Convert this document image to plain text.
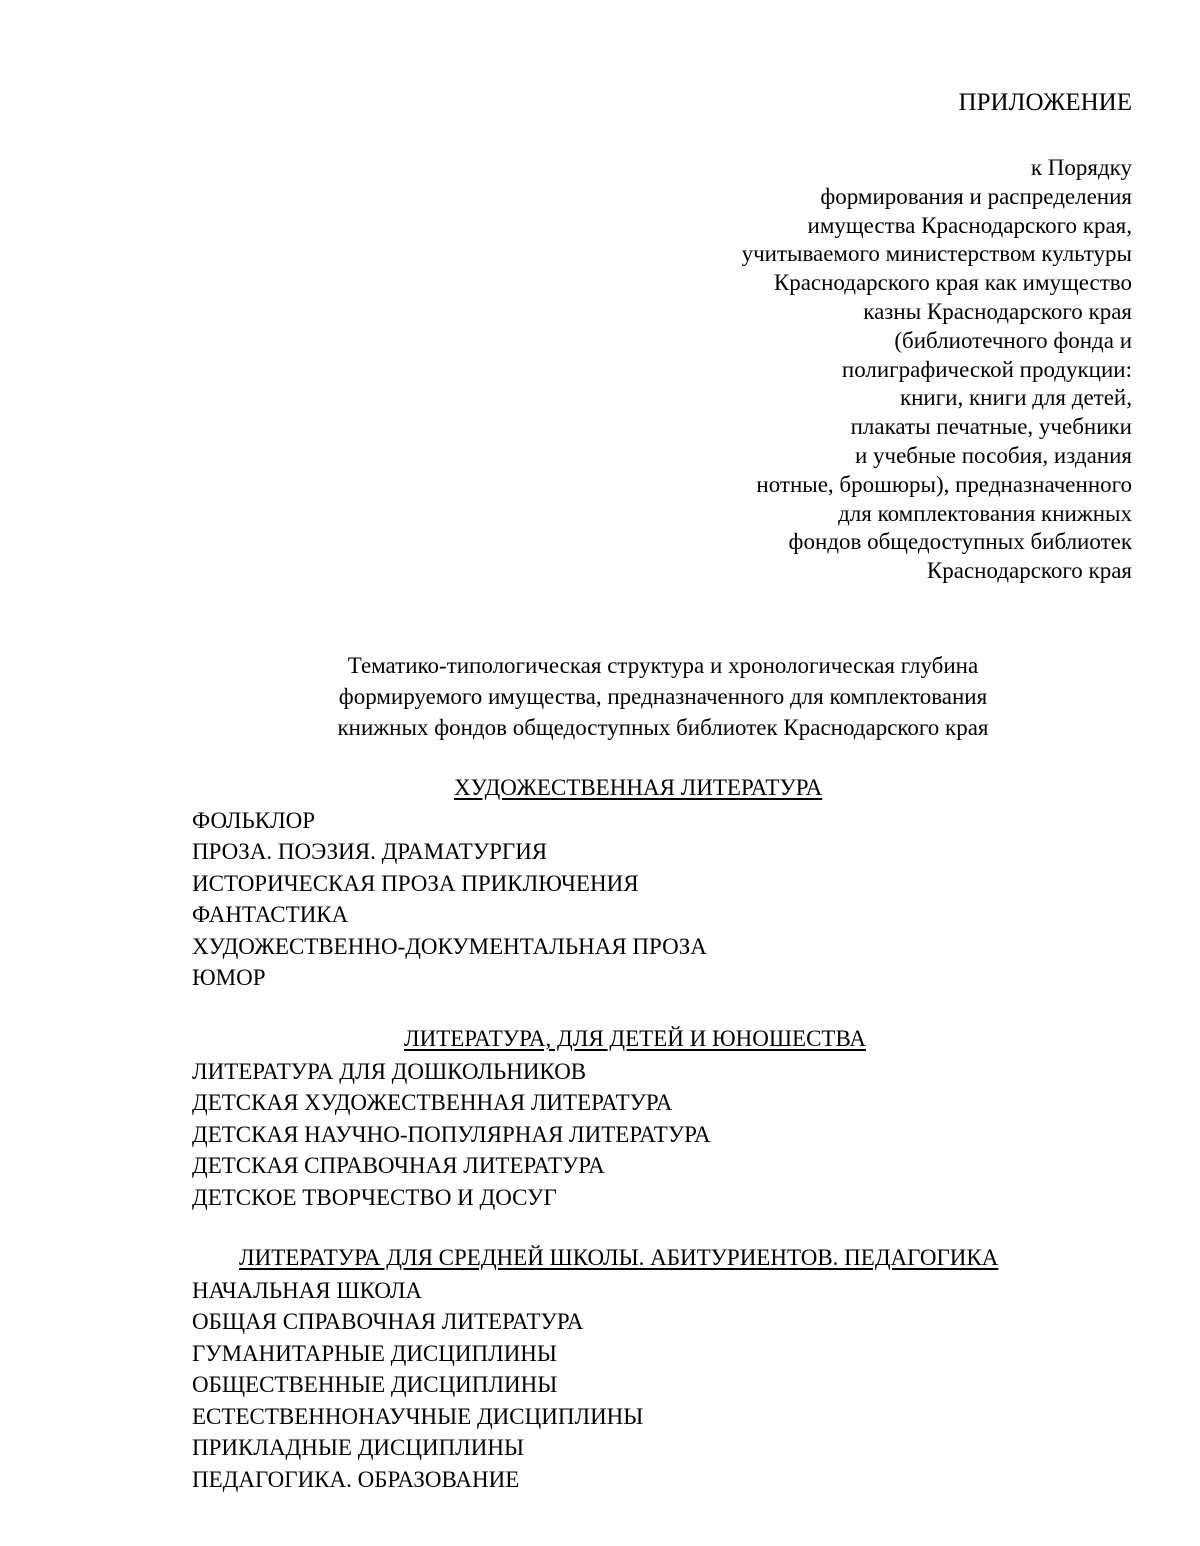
ПРИЛОЖЕНИЕ
к Порядку
формирования и распределения
имущества Краснодарского края,
учитываемого министерством культуры
Краснодарского края как имущество
казны Краснодарского края
(библиотечного фонда и
полиграфической продукции:
книги, книги для детей,
плакаты печатные, учебники
и учебные пособия, издания
нотные, брошюры), предназначенного
для комплектования книжных
фондов общедоступных библиотек
Краснодарского края
Тематико-типологическая структура и хронологическая глубина
формируемого имущества, предназначенного для комплектования
книжных фондов общедоступных библиотек Краснодарского края
ХУДОЖЕСТВЕННАЯ ЛИТЕРАТУРА
ФОЛЬКЛОР
ПРОЗА. ПОЭЗИЯ. ДРАМАТУРГИЯ
ИСТОРИЧЕСКАЯ ПРОЗА ПРИКЛЮЧЕНИЯ
ФАНТАСТИКА
ХУДОЖЕСТВЕННО-ДОКУМЕНТАЛЬНАЯ ПРОЗА
ЮМОР
ЛИТЕРАТУРА, ДЛЯ ДЕТЕЙ И ЮНОШЕСТВА
ЛИТЕРАТУРА ДЛЯ ДОШКОЛЬНИКОВ
ДЕТСКАЯ ХУДОЖЕСТВЕННАЯ ЛИТЕРАТУРА
ДЕТСКАЯ НАУЧНО-ПОПУЛЯРНАЯ ЛИТЕРАТУРА
ДЕТСКАЯ СПРАВОЧНАЯ ЛИТЕРАТУРА
ДЕТСКОЕ ТВОРЧЕСТВО И ДОСУГ
ЛИТЕРАТУРА ДЛЯ СРЕДНЕЙ ШКОЛЫ. АБИТУРИЕНТОВ. ПЕДАГОГИКА
НАЧАЛЬНАЯ ШКОЛА
ОБЩАЯ СПРАВОЧНАЯ ЛИТЕРАТУРА
ГУМАНИТАРНЫЕ ДИСЦИПЛИНЫ
ОБЩЕСТВЕННЫЕ ДИСЦИПЛИНЫ
ЕСТЕСТВЕННОНАУЧНЫЕ ДИСЦИПЛИНЫ
ПРИКЛАДНЫЕ ДИСЦИПЛИНЫ
ПЕДАГОГИКА. ОБРАЗОВАНИЕ
